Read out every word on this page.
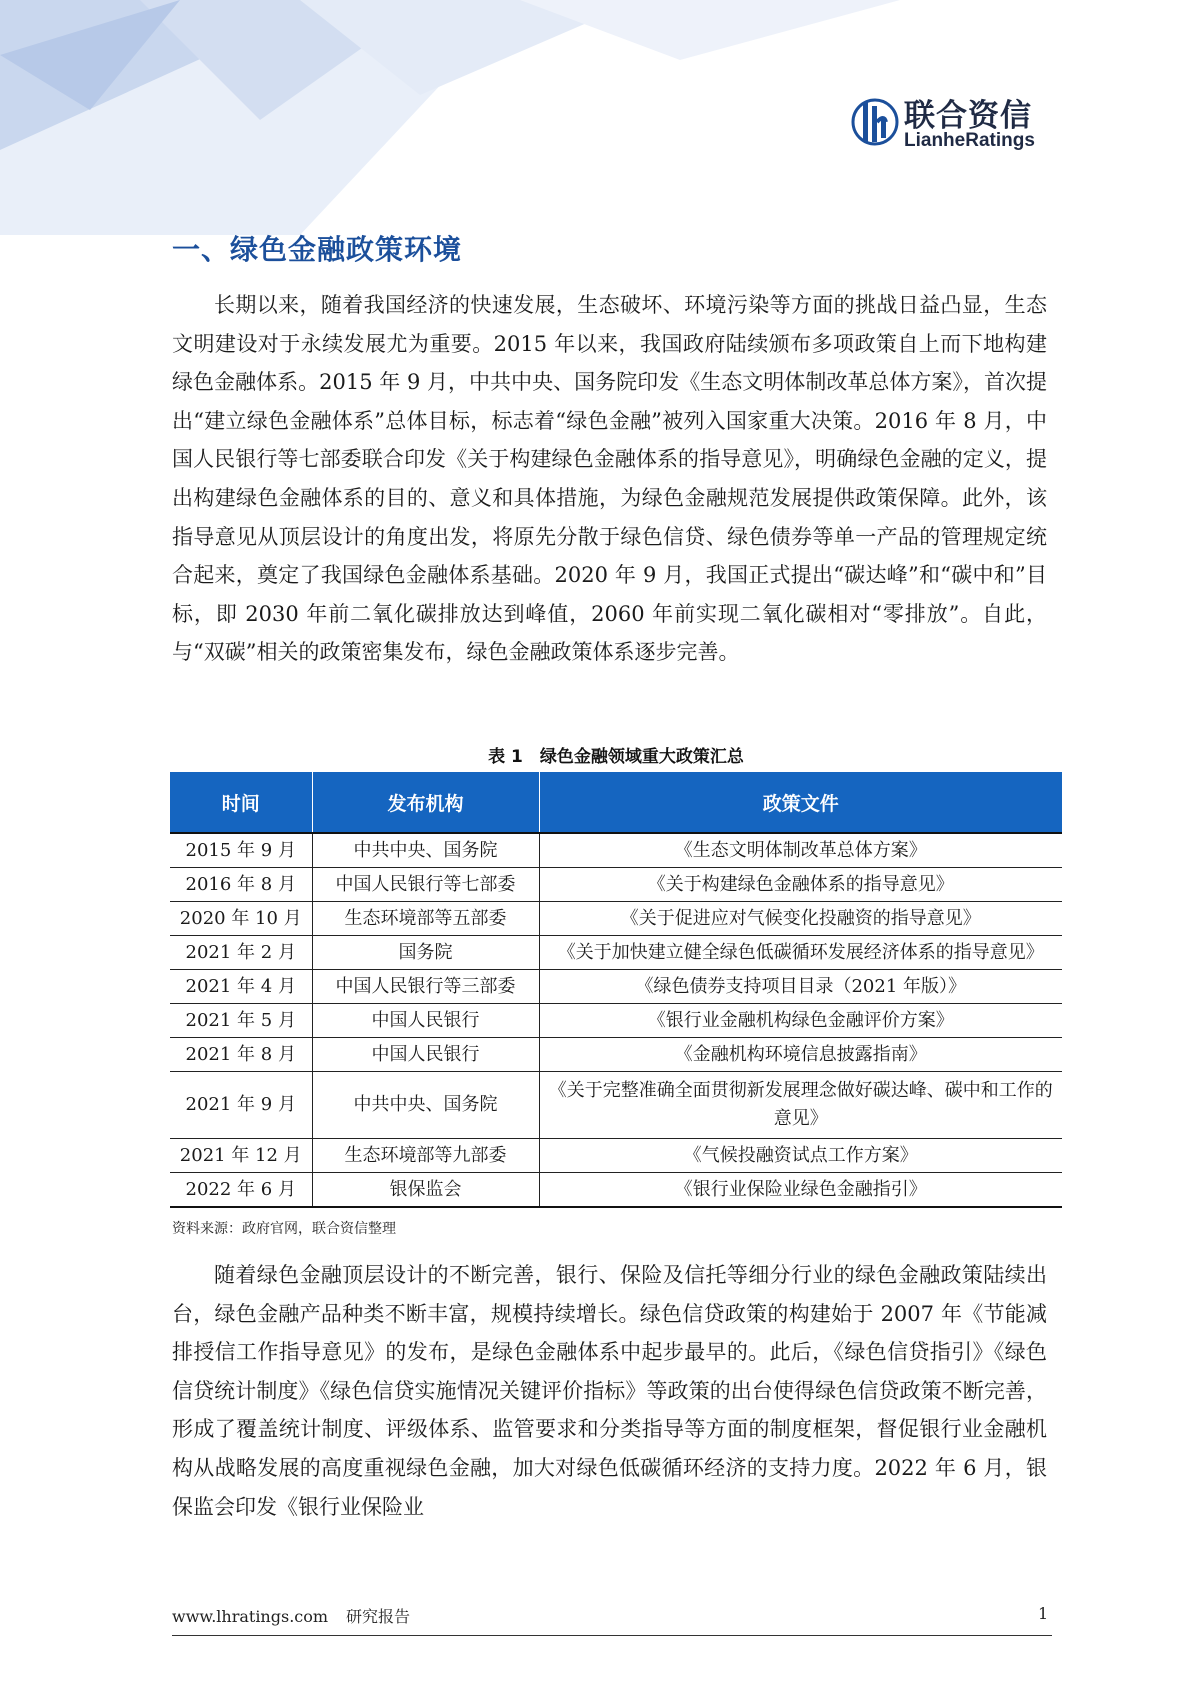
联合资信
LianheRatings
一、绿色金融政策环境

长期以来，随着我国经济的快速发展，生态破坏、环境污染等方面的挑战日益凸显，生态文明建设对于永续发展尤为重要。2015 年以来，我国政府陆续颁布多项政策自上而下地构建绿色金融体系。2015 年 9 月，中共中央、国务院印发《生态文明体制改革总体方案》，首次提出“建立绿色金融体系”总体目标，标志着“绿色金融”被列入国家重大决策。2016 年 8 月，中国人民银行等七部委联合印发《关于构建绿色金融体系的指导意见》，明确绿色金融的定义，提出构建绿色金融体系的目的、意义和具体措施，为绿色金融规范发展提供政策保障。此外，该指导意见从顶层设计的角度出发，将原先分散于绿色信贷、绿色债券等单一产品的管理规定统合起来，奠定了我国绿色金融体系基础。2020 年 9 月，我国正式提出“碳达峰”和“碳中和”目标，即 2030 年前二氧化碳排放达到峰值，2060 年前实现二氧化碳相对“零排放”。自此，与“双碳”相关的政策密集发布，绿色金融政策体系逐步完善。

表 1　绿色金融领域重大政策汇总
时间	发布机构	政策文件
2015 年 9 月	中共中央、国务院	《生态文明体制改革总体方案》
2016 年 8 月	中国人民银行等七部委	《关于构建绿色金融体系的指导意见》
2020 年 10 月	生态环境部等五部委	《关于促进应对气候变化投融资的指导意见》
2021 年 2 月	国务院	《关于加快建立健全绿色低碳循环发展经济体系的指导意见》
2021 年 4 月	中国人民银行等三部委	《绿色债券支持项目目录（2021 年版）》
2021 年 5 月	中国人民银行	《银行业金融机构绿色金融评价方案》
2021 年 8 月	中国人民银行	《金融机构环境信息披露指南》
2021 年 9 月	中共中央、国务院	《关于完整准确全面贯彻新发展理念做好碳达峰、碳中和工作的意见》
2021 年 12 月	生态环境部等九部委	《气候投融资试点工作方案》
2022 年 6 月	银保监会	《银行业保险业绿色金融指引》
资料来源：政府官网，联合资信整理

随着绿色金融顶层设计的不断完善，银行、保险及信托等细分行业的绿色金融政策陆续出台，绿色金融产品种类不断丰富，规模持续增长。绿色信贷政策的构建始于 2007 年《节能减排授信工作指导意见》的发布，是绿色金融体系中起步最早的。此后，《绿色信贷指引》《绿色信贷统计制度》《绿色信贷实施情况关键评价指标》等政策的出台使得绿色信贷政策不断完善，形成了覆盖统计制度、评级体系、监管要求和分类指导等方面的制度框架，督促银行业金融机构从战略发展的高度重视绿色金融，加大对绿色低碳循环经济的支持力度。2022 年 6 月，银保监会印发《银行业保险业

www.lhratings.com 研究报告	1
